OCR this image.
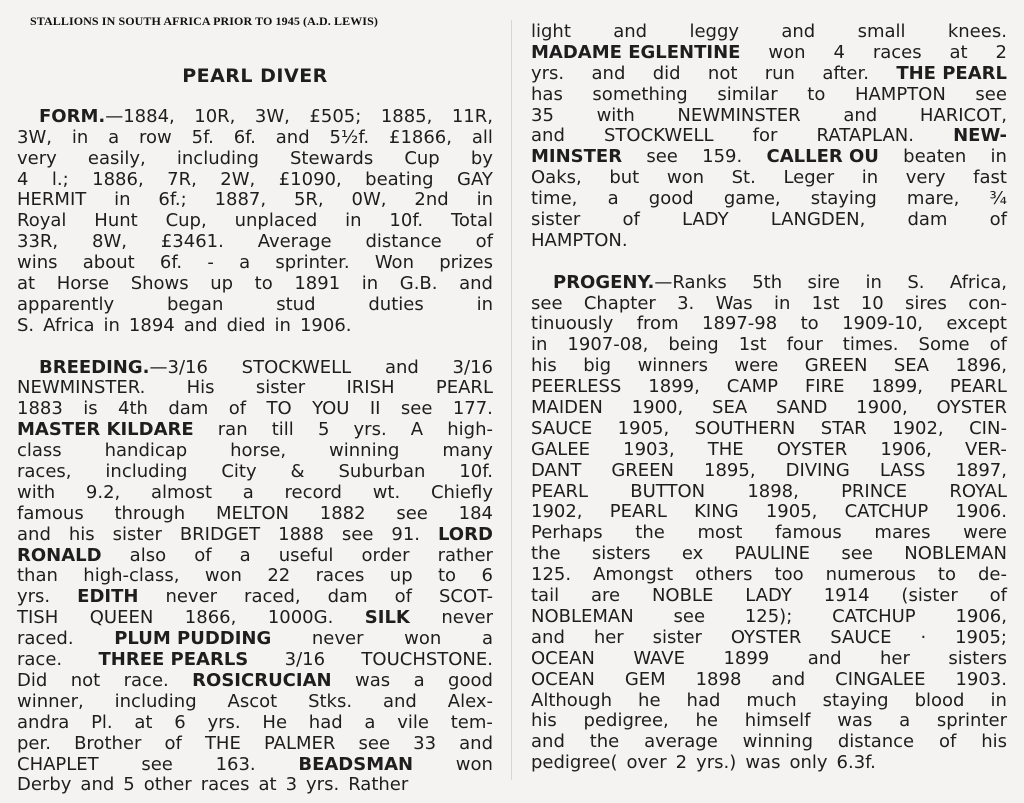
STALLIONS IN SOUTH AFRICA PRIOR TO 1945 (A.D. LEWIS)
PEARL DIVER
FORM.—1884, 10R, 3W, £505; 1885, 11R,
3W, in a row 5f. 6f. and 5½f. £1866, all
very easily, including Stewards Cup by
4 l.; 1886, 7R, 2W, £1090, beating GAY
HERMIT in 6f.; 1887, 5R, 0W, 2nd in
Royal Hunt Cup, unplaced in 10f. Total
33R, 8W, £3461. Average distance of
wins about 6f. - a sprinter. Won prizes
at Horse Shows up to 1891 in G.B. and
apparently	began	stud	duties	in
S. Africa in 1894 and died in 1906.
BREEDING.—3/16 STOCKWELL and 3/16
NEWMINSTER. His sister IRISH PEARL
1883 is 4th dam of TO YOU II see 177.
MASTER KILDARE ran till 5 yrs. A high-
class handicap horse, winning many
races, including City & Suburban 10f.
with 9.2, almost a record wt. Chiefly
famous through MELTON 1882 see 184
and his sister BRIDGET 1888 see 91. LORD
RONALD also of a useful order rather
than high-class, won 22 races up to 6
yrs. EDITH never raced, dam of SCOT-
TISH QUEEN 1866, 1000G. SILK never
raced. PLUM PUDDING never won a
race. THREE PEARLS 3/16 TOUCHSTONE.
Did not race. ROSICRUCIAN was a good
winner, including Ascot Stks. and Alex-
andra Pl. at 6 yrs. He had a vile tem-
per. Brother of THE PALMER see 33 and
CHAPLET see 163. BEADSMAN won
Derby and 5 other races at 3 yrs. Rather
light and leggy and small knees.
MADAME EGLENTINE won 4 races at 2
yrs. and did not run after. THE PEARL
has something similar to HAMPTON see
35 with NEWMINSTER and HARICOT,
and STOCKWELL for RATAPLAN. NEW-
MINSTER see 159. CALLER OU beaten in
Oaks, but won St. Leger in very fast
time, a good game, staying mare, ¾
sister of LADY LANGDEN, dam of
HAMPTON.
PROGENY.—Ranks 5th sire in S. Africa,
see Chapter 3. Was in 1st 10 sires con-
tinuously from 1897-98 to 1909-10, except
in 1907-08, being 1st four times. Some of
his big winners were GREEN SEA 1896,
PEERLESS 1899, CAMP FIRE 1899, PEARL
MAIDEN 1900, SEA SAND 1900, OYSTER
SAUCE 1905, SOUTHERN STAR 1902, CIN-
GALEE 1903, THE OYSTER 1906, VER-
DANT GREEN 1895, DIVING LASS 1897,
PEARL BUTTON 1898, PRINCE ROYAL
1902, PEARL KING 1905, CATCHUP 1906.
Perhaps the most famous mares were
the sisters ex PAULINE see NOBLEMAN
125. Amongst others too numerous to de-
tail are NOBLE LADY 1914 (sister of
NOBLEMAN see 125); CATCHUP 1906,
and her sister OYSTER SAUCE · 1905;
OCEAN WAVE 1899 and her sisters
OCEAN GEM 1898 and CINGALEE 1903.
Although he had much staying blood in
his pedigree, he himself was a sprinter
and the average winning distance of his
pedigree( over 2 yrs.) was only 6.3f.
